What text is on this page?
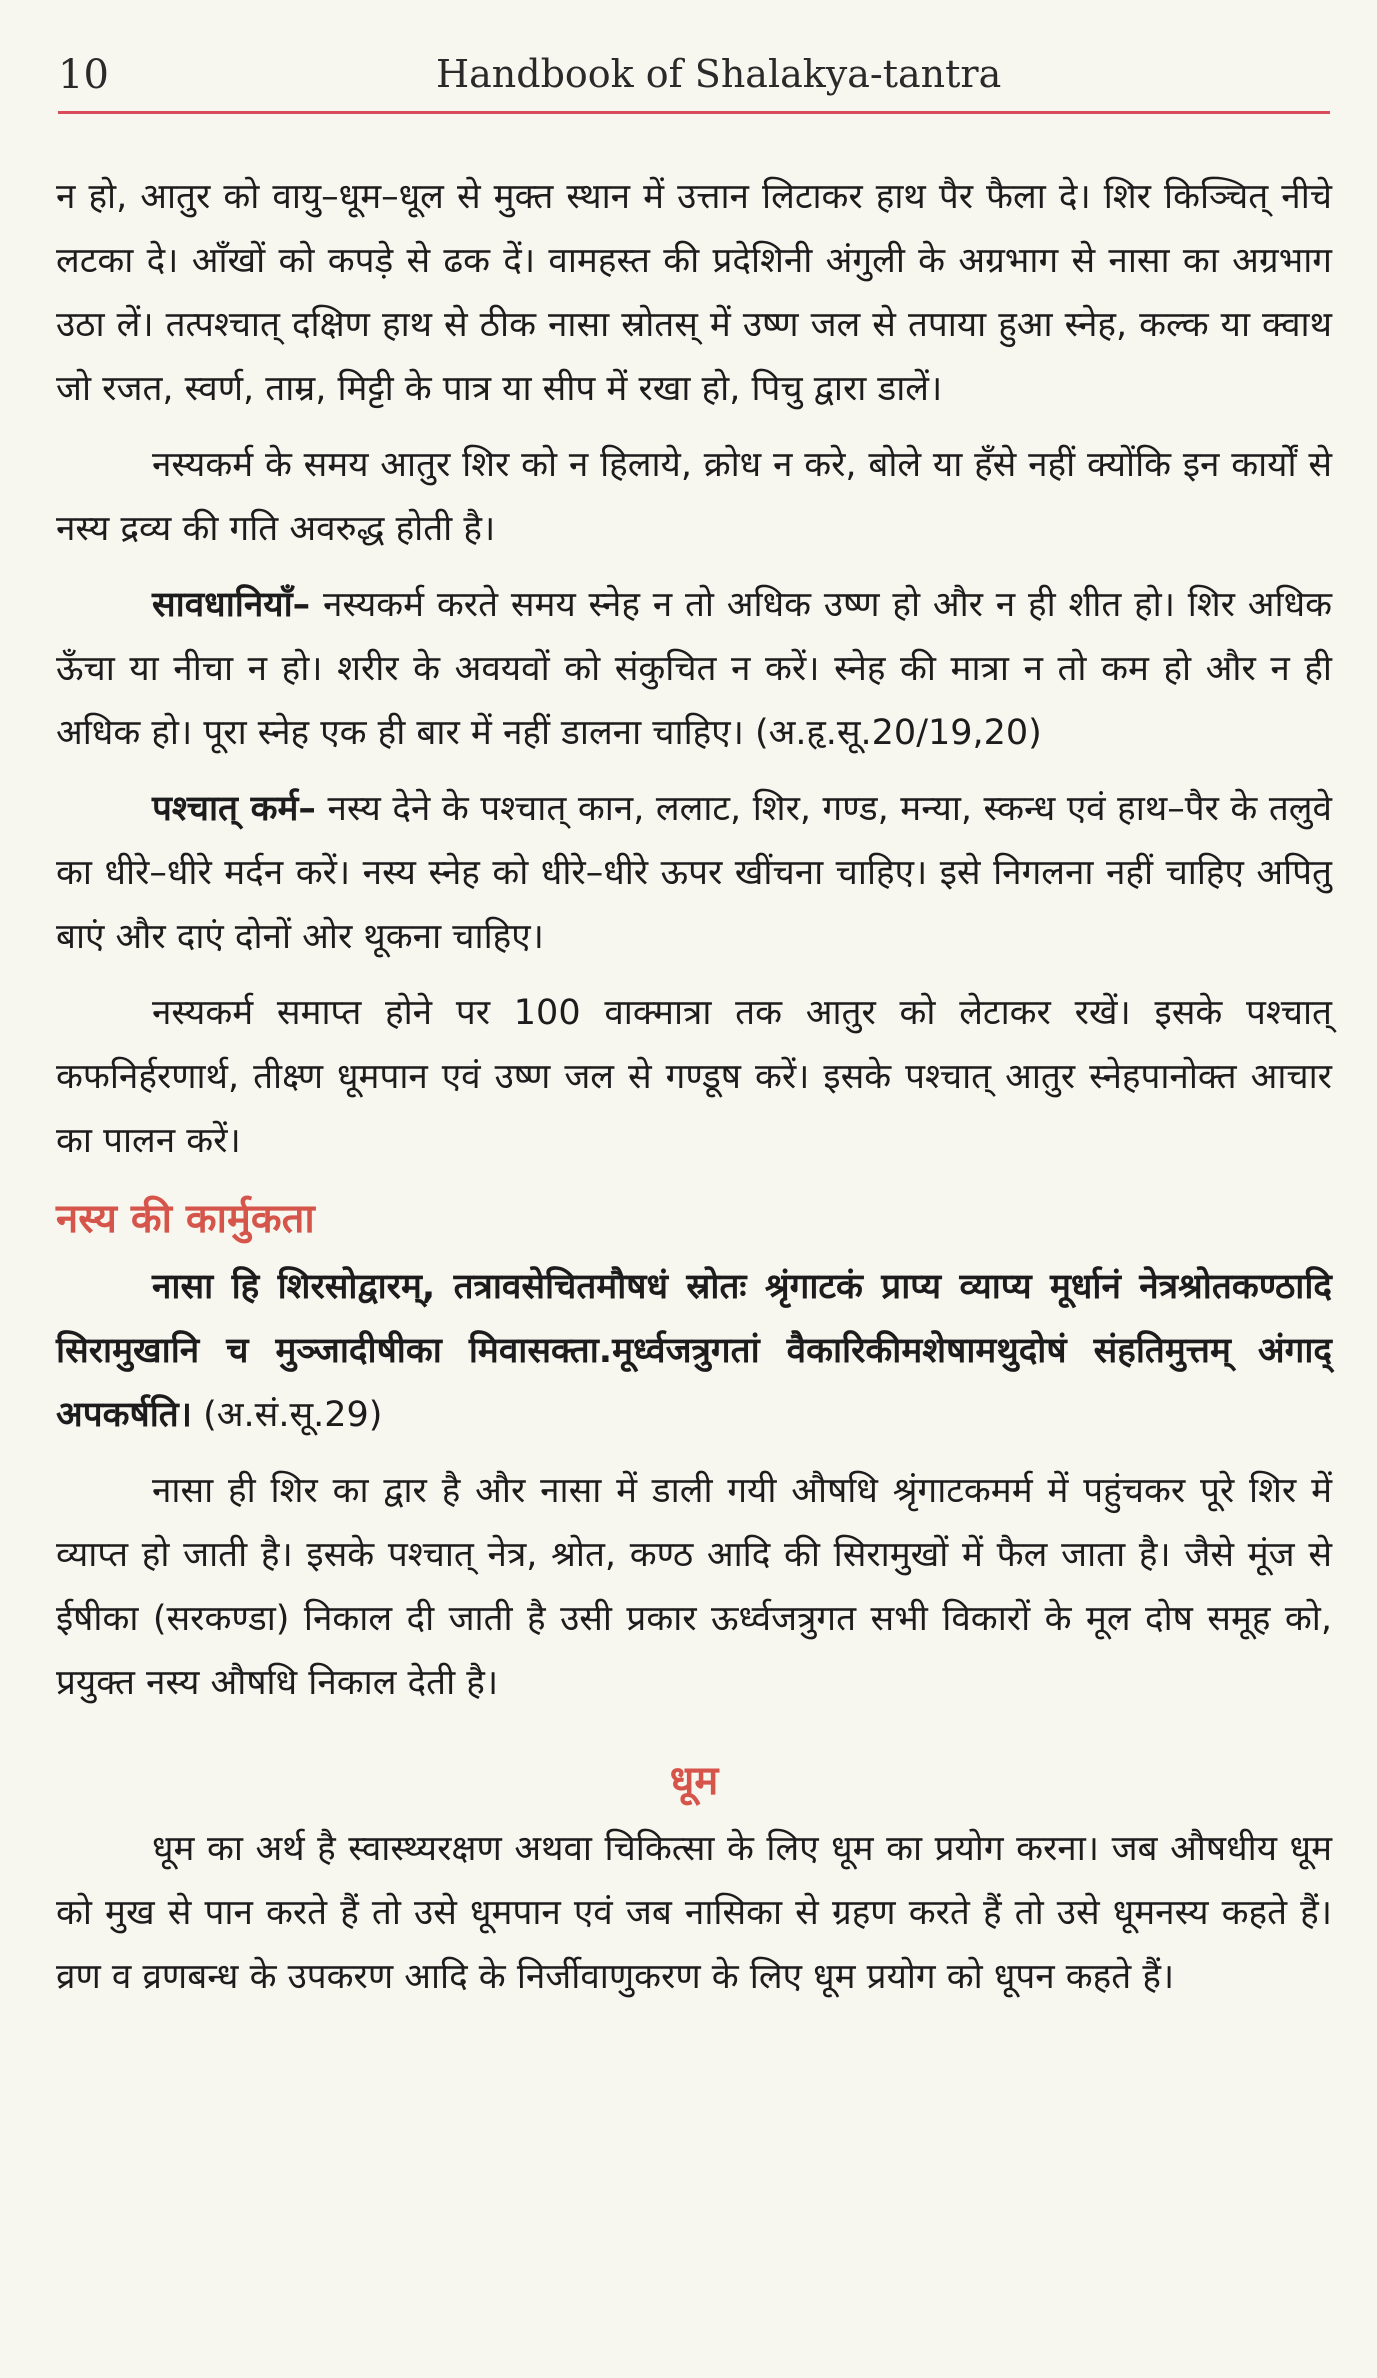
10	Handbook of Shalakya-tantra

न हो, आतुर को वायु–धूम–धूल से मुक्त स्थान में उत्तान लिटाकर हाथ पैर फैला दे। शिर किञ्चित् नीचे लटका दे। आँखों को कपड़े से ढक दें। वामहस्त की प्रदेशिनी अंगुली के अग्रभाग से नासा का अग्रभाग उठा लें। तत्पश्चात् दक्षिण हाथ से ठीक नासा स्रोतस् में उष्ण जल से तपाया हुआ स्नेह, कल्क या क्वाथ जो रजत, स्वर्ण, ताम्र, मिट्टी के पात्र या सीप में रखा हो, पिचु द्वारा डालें।

नस्यकर्म के समय आतुर शिर को न हिलाये, क्रोध न करे, बोले या हँसे नहीं क्योंकि इन कार्यों से नस्य द्रव्य की गति अवरुद्ध होती है।

सावधानियाँ– नस्यकर्म करते समय स्नेह न तो अधिक उष्ण हो और न ही शीत हो। शिर अधिक ऊँचा या नीचा न हो। शरीर के अवयवों को संकुचित न करें। स्नेह की मात्रा न तो कम हो और न ही अधिक हो। पूरा स्नेह एक ही बार में नहीं डालना चाहिए। (अ.हृ.सू.20/19,20)

पश्चात् कर्म– नस्य देने के पश्चात् कान, ललाट, शिर, गण्ड, मन्या, स्कन्ध एवं हाथ–पैर के तलुवे का धीरे–धीरे मर्दन करें। नस्य स्नेह को धीरे–धीरे ऊपर खींचना चाहिए। इसे निगलना नहीं चाहिए अपितु बाएं और दाएं दोनों ओर थूकना चाहिए।

नस्यकर्म समाप्त होने पर 100 वाक्मात्रा तक आतुर को लेटाकर रखें। इसके पश्चात् कफनिर्हरणार्थ, तीक्ष्ण धूमपान एवं उष्ण जल से गण्डूष करें। इसके पश्चात् आतुर स्नेहपानोक्त आचार का पालन करें।

नस्य की कार्मुकता

नासा हि शिरसोद्वारम्, तत्रावसेचितमौषधं स्रोतः श्रृंगाटकं प्राप्य व्याप्य मूर्धानं नेत्रश्रोतकण्ठादि सिरामुखानि च मुञ्जादीषीका मिवासक्ता.मूर्ध्वजत्रुगतां वैकारिकीमशेषामथुदोषं संहतिमुत्तम् अंगाद् अपकर्षति। (अ.सं.सू.29)

नासा ही शिर का द्वार है और नासा में डाली गयी औषधि श्रृंगाटकमर्म में पहुंचकर पूरे शिर में व्याप्त हो जाती है। इसके पश्चात् नेत्र, श्रोत, कण्ठ आदि की सिरामुखों में फैल जाता है। जैसे मूंज से ईषीका (सरकण्डा) निकाल दी जाती है उसी प्रकार ऊर्ध्वजत्रुगत सभी विकारों के मूल दोष समूह को, प्रयुक्त नस्य औषधि निकाल देती है।

धूम

धूम का अर्थ है स्वास्थ्यरक्षण अथवा चिकित्सा के लिए धूम का प्रयोग करना। जब औषधीय धूम को मुख से पान करते हैं तो उसे धूमपान एवं जब नासिका से ग्रहण करते हैं तो उसे धूमनस्य कहते हैं। व्रण व व्रणबन्ध के उपकरण आदि के निर्जीवाणुकरण के लिए धूम प्रयोग को धूपन कहते हैं।
